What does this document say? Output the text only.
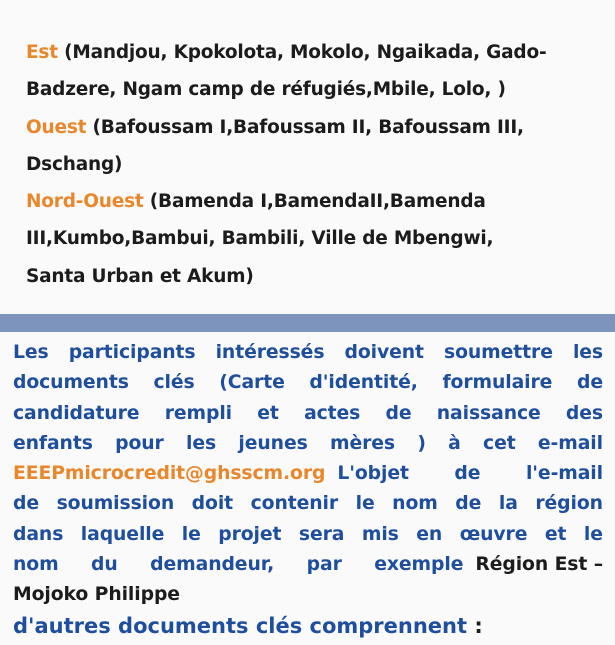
Est (Mandjou, Kpokolota, Mokolo, Ngaikada, Gado-
Badzere, Ngam camp de réfugiés,Mbile, Lolo, )
Ouest (Bafoussam I,Bafoussam II, Bafoussam III,
Dschang)
Nord-Ouest (Bamenda I,BamendaII,Bamenda
III,Kumbo,Bambui, Bambili, Ville de Mbengwi,
Santa Urban et Akum)
Les participants intéressés doivent soumettre les
documents clés (Carte d'identité, formulaire de
candidature rempli et actes de naissance des
enfants pour les jeunes mères ) à cet e-mail
EEEPmicrocredit@ghsscm.org L'objet de l'e-mail
de soumission doit contenir le nom de la région
dans laquelle le projet sera mis en œuvre et le
nom du demandeur, par exemple Région Est –
Mojoko Philippe
d'autres documents clés comprennent :
